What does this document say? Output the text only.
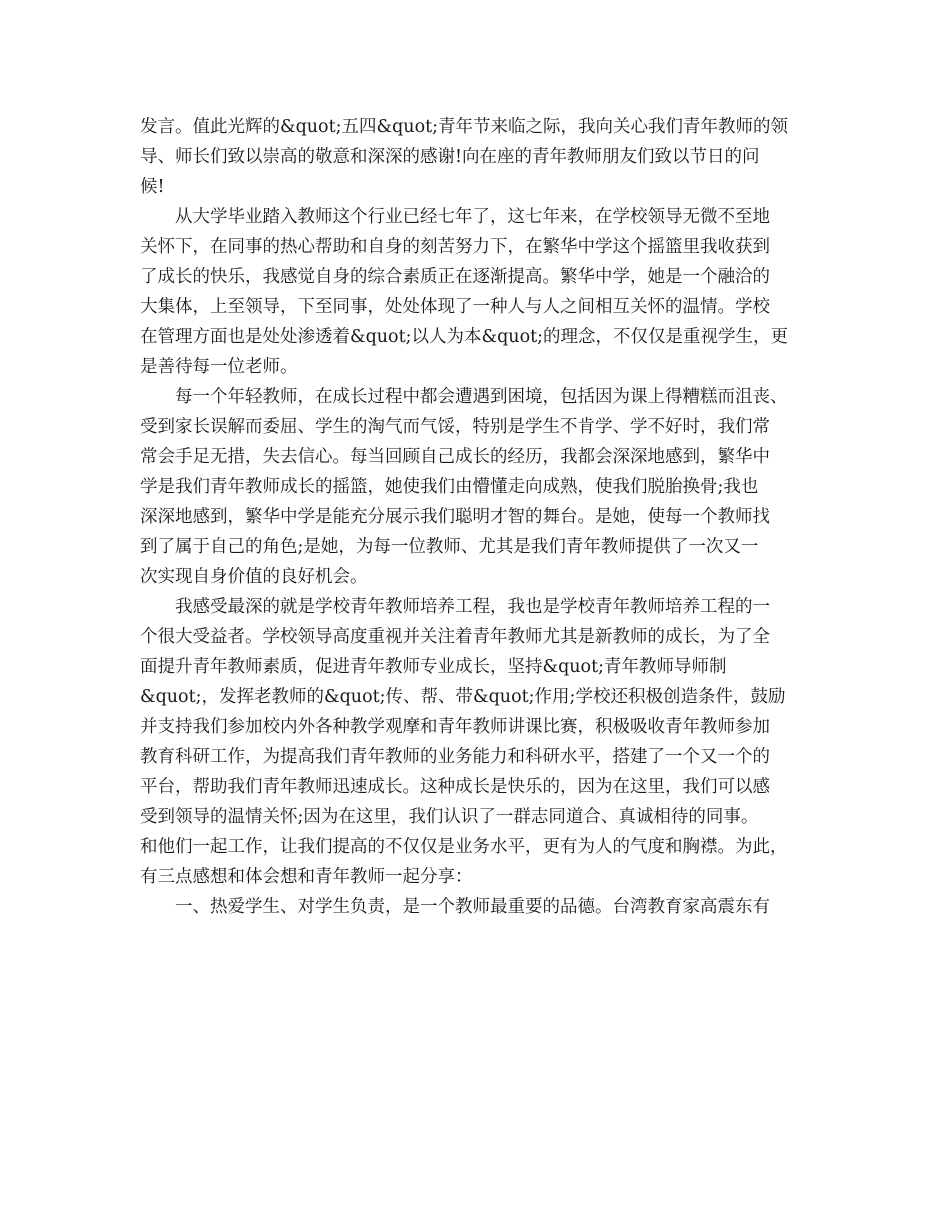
发言。值此光辉的&quot;五四&quot;青年节来临之际，我向关心我们青年教师的领
导、师长们致以崇高的敬意和深深的感谢!向在座的青年教师朋友们致以节日的问
候!
从大学毕业踏入教师这个行业已经七年了，这七年来，在学校领导无微不至地
关怀下，在同事的热心帮助和自身的刻苦努力下，在繁华中学这个摇篮里我收获到
了成长的快乐，我感觉自身的综合素质正在逐渐提高。繁华中学，她是一个融洽的
大集体，上至领导，下至同事，处处体现了一种人与人之间相互关怀的温情。学校
在管理方面也是处处渗透着&quot;以人为本&quot;的理念，不仅仅是重视学生，更
是善待每一位老师。
每一个年轻教师，在成长过程中都会遭遇到困境，包括因为课上得糟糕而沮丧、
受到家长误解而委屈、学生的淘气而气馁，特别是学生不肯学、学不好时，我们常
常会手足无措，失去信心。每当回顾自己成长的经历，我都会深深地感到，繁华中
学是我们青年教师成长的摇篮，她使我们由懵懂走向成熟，使我们脱胎换骨;我也
深深地感到，繁华中学是能充分展示我们聪明才智的舞台。是她，使每一个教师找
到了属于自己的角色;是她，为每一位教师、尤其是我们青年教师提供了一次又一
次实现自身价值的良好机会。
我感受最深的就是学校青年教师培养工程，我也是学校青年教师培养工程的一
个很大受益者。学校领导高度重视并关注着青年教师尤其是新教师的成长，为了全
面提升青年教师素质，促进青年教师专业成长，坚持&quot;青年教师导师制
&quot;，发挥老教师的&quot;传、帮、带&quot;作用;学校还积极创造条件，鼓励
并支持我们参加校内外各种教学观摩和青年教师讲课比赛，积极吸收青年教师参加
教育科研工作，为提高我们青年教师的业务能力和科研水平，搭建了一个又一个的
平台，帮助我们青年教师迅速成长。这种成长是快乐的，因为在这里，我们可以感
受到领导的温情关怀;因为在这里，我们认识了一群志同道合、真诚相待的同事。
和他们一起工作，让我们提高的不仅仅是业务水平，更有为人的气度和胸襟。为此，
有三点感想和体会想和青年教师一起分享：
一、热爱学生、对学生负责，是一个教师最重要的品德。台湾教育家高震东有
